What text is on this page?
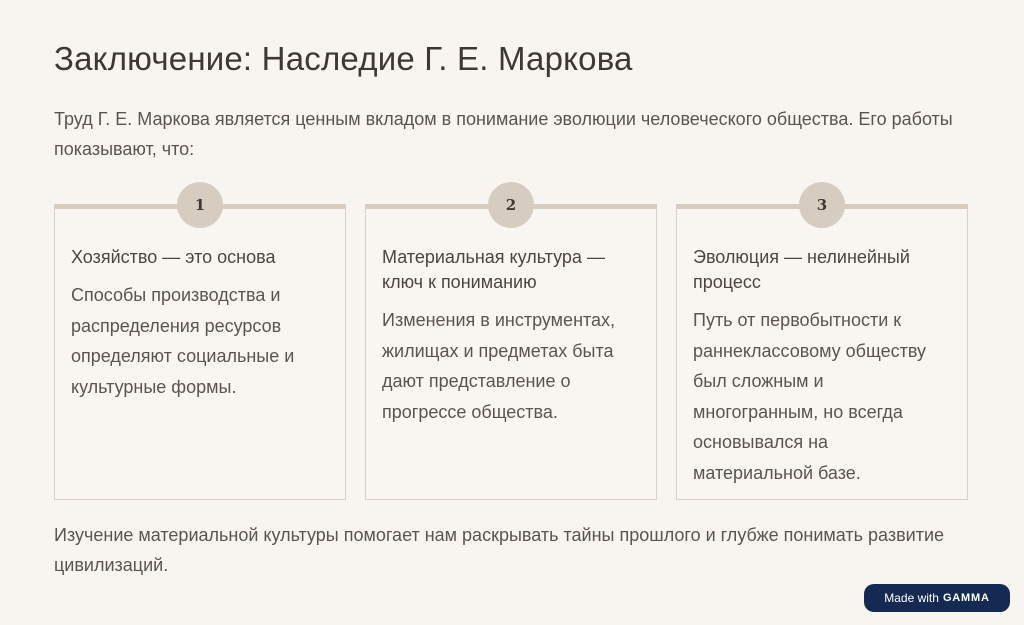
Заключение: Наследие Г. Е. Маркова

Труд Г. Е. Маркова является ценным вкладом в понимание эволюции человеческого общества. Его работы показывают, что:

1

Хозяйство — это основа

Способы производства и распределения ресурсов определяют социальные и культурные формы.

2

Материальная культура — ключ к пониманию

Изменения в инструментах, жилищах и предметах быта дают представление о прогрессе общества.

3

Эволюция — нелинейный процесс

Путь от первобытности к раннеклассовому обществу был сложным и многогранным, но всегда основывался на материальной базе.

Изучение материальной культуры помогает нам раскрывать тайны прошлого и глубже понимать развитие цивилизаций.

Made with GAMMA
